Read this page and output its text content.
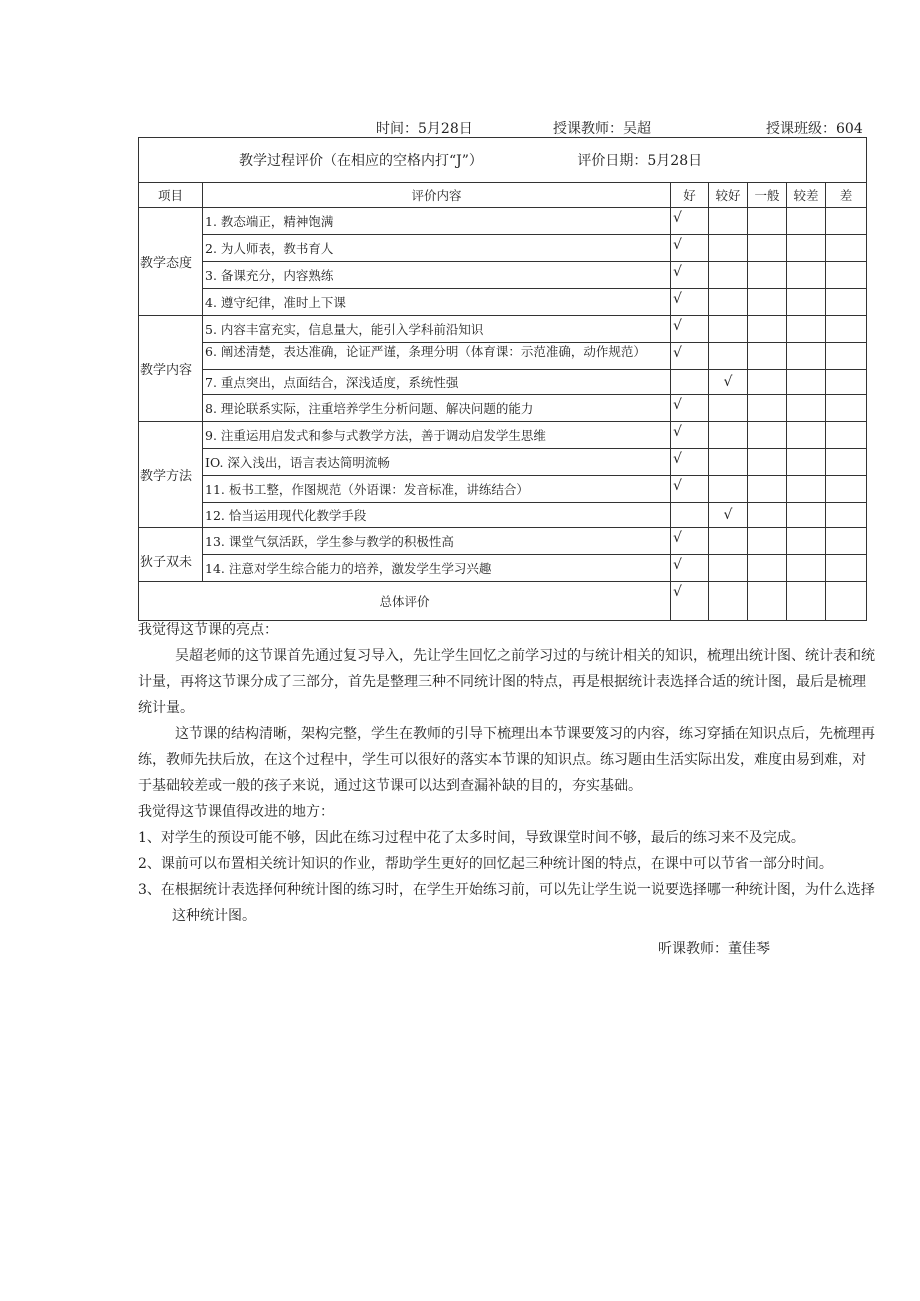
时间：5月28日	授课教师：吴超	授课班级：604
教学过程评价（在相应的空格内打“J”） 评价日期：5月28日						
项目	评价内容	好	较好	一般	较差	差
教学态度	1. 教态端正，精神饱满	√				
	2. 为人师表，教书育人	√				
	3. 备课充分，内容熟练	√				
	4. 遵守纪律，准时上下课	√				
教学内容	5. 内容丰富充实，信息量大，能引入学科前沿知识	√				
	6. 阐述清楚，表达准确，论证严谨，条理分明（体育课：示范准确，动作规范）	√				
	7. 重点突出，点面结合，深浅适度，系统性强		√			
	8. 理论联系实际，注重培养学生分析问题、解决问题的能力	√				
教学方法	9. 注重运用启发式和参与式教学方法，善于调动启发学生思维	√				
	IO. 深入浅出，语言表达简明流畅	√				
	11. 板书工整，作图规范（外语课：发音标准，讲练结合）	√				
	12. 恰当运用现代化教学手段		√			
	13. 课堂气氛活跃，学生参与教学的积极性高	√				
狄子双未	14. 注意对学生综合能力的培养，激发学生学习兴趣	√				
总体评价		√				

我觉得这节课的亮点：

吴超老师的这节课首先通过复习导入，先让学生回忆之前学习过的与统计相关的知识，梳理出统计图、统计表和统计量，再将这节课分成了三部分，首先是整理三种不同统计图的特点，再是根据统计表选择合适的统计图，最后是梳理统计量。

这节课的结构清晰，架构完整，学生在教师的引导下梳理出本节课要笈习的内容，练习穿插在知识点后，先梳理再练，教师先扶后放，在这个过程中，学生可以很好的落实本节课的知识点。练习题由生活实际出发，难度由易到难，对于基础较差或一般的孩子来说，通过这节课可以达到查漏补缺的目的，夯实基础。

我觉得这节课值得改进的地方：

1、对学生的预设可能不够，因此在练习过程中花了太多时间，导致课堂时间不够，最后的练习来不及完成。

2、课前可以布置相关统计知识的作业，帮助学生更好的回忆起三种统计图的特点，在课中可以节省一部分时间。

3、在根据统计表选择何种统计图的练习时，在学生开始练习前，可以先让学生说一说要选择哪一种统计图，为什么选择这种统计图。

听课教师：董佳琴
